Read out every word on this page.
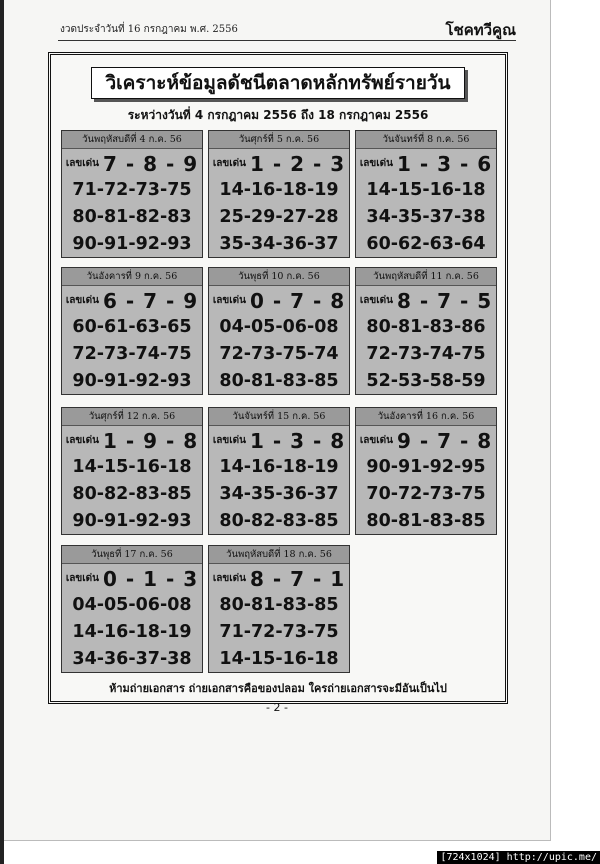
งวดประจำวันที่ 16 กรกฎาคม พ.ศ. 2556	โชคทวีคูณ
วิเคราะห์ข้อมูลดัชนีตลาดหลักทรัพย์รายวัน
ระหว่างวันที่ 4 กรกฎาคม 2556 ถึง 18 กรกฎาคม 2556
วันพฤหัสบดีที่ 4 ก.ค. 56
เลขเด่น 7 - 8 - 9
71-72-73-75
80-81-82-83
90-91-92-93
วันศุกร์ที่ 5 ก.ค. 56
เลขเด่น 1 - 2 - 3
14-16-18-19
25-29-27-28
35-34-36-37
วันจันทร์ที่ 8 ก.ค. 56
เลขเด่น 1 - 3 - 6
14-15-16-18
34-35-37-38
60-62-63-64
วันอังคารที่ 9 ก.ค. 56
เลขเด่น 6 - 7 - 9
60-61-63-65
72-73-74-75
90-91-92-93
วันพุธที่ 10 ก.ค. 56
เลขเด่น 0 - 7 - 8
04-05-06-08
72-73-75-74
80-81-83-85
วันพฤหัสบดีที่ 11 ก.ค. 56
เลขเด่น 8 - 7 - 5
80-81-83-86
72-73-74-75
52-53-58-59
วันศุกร์ที่ 12 ก.ค. 56
เลขเด่น 1 - 9 - 8
14-15-16-18
80-82-83-85
90-91-92-93
วันจันทร์ที่ 15 ก.ค. 56
เลขเด่น 1 - 3 - 8
14-16-18-19
34-35-36-37
80-82-83-85
วันอังคารที่ 16 ก.ค. 56
เลขเด่น 9 - 7 - 8
90-91-92-95
70-72-73-75
80-81-83-85
วันพุธที่ 17 ก.ค. 56
เลขเด่น 0 - 1 - 3
04-05-06-08
14-16-18-19
34-36-37-38
วันพฤหัสบดีที่ 18 ก.ค. 56
เลขเด่น 8 - 7 - 1
80-81-83-85
71-72-73-75
14-15-16-18
ห้ามถ่ายเอกสาร ถ่ายเอกสารคือของปลอม ใครถ่ายเอกสารจะมีอันเป็นไป
- 2 -
[724x1024] http://upic.me/
